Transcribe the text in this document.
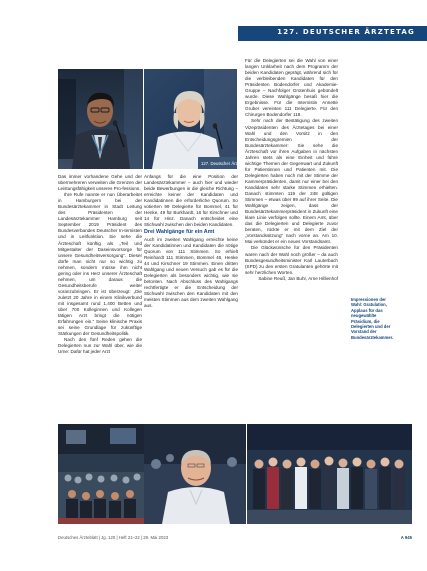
127. DEUTSCHER ÄRZTETAG
127. Deutscher Ärztetag

Das immer vorhandene Gehe und der übermehreren verweiten die Grenzen der Leistungsfähigkeit unseres Pro-fessions.

Ihre Rufe nannte er nun Überarbeitet in Hamburgern bei der Bundesärztekammer in Stadt Leitung des Präsidenten der Landesärztekammer Hamburg seit September 2019 Präsident des Bundesverbandes Deutscher In-ternisten und in Leitfunktion. Sie sehe die Ärzteschaft künftig als „Teil und Mitgestalter der Daseinsvorsorge für unsere Gesundheitsversorgung“. Dieser dürfe man nicht nur so wichtig zu nehmen, sondern müsse ihm nicht gering oder ins Herz unserer Ärzteschaft nehmen, um daraus die Gesundheitsberufe weiter voranzubringen. Er ist überzeugt: „Die zuletzt 20 Jahre in einem Klinikverbund mit insgesamt rund 1.400 Betten und über 700 Kolleginnen und Kollegen tätigen Arzt bringt die nötigen Erfahrungen ein.“ Seine klinische Praxis sei seine Grundlage für zukünftige Stärkungen der Gesundheitspolitik.

Nach den fünf Reden gehen die Delegierten nun zur Wahl über, wie die Urne: Dafür hat jeder Arzt

Anfangs für die eine Position der Landesärztekammer – auch hier und wieder beide Bewerbungen in die gleiche Richtung – erreichte keiner der Kandidaten und Kandidatinnen die erforderliche Quorum. So votierten 99 Delegierte für Bommel, 41 für Henke, 49 für Burkhardt, 16 für Kirschner und 14 für Hinz. Danach entscheidet eine Stichwahl zwischen den beiden Kandidaten.

Drei Wahlgänge für ein Amt

Auch im zweiten Wahlgang erreichte keine der Kandidatinnen und Kandidaten die nötige Quorum von 111 Stimmen. So erhielt Reinhardt 111 Stimmen, Bommel 46, Henke 44 und Kirschner 19 Stimmen. Einen dritten Wahlgang und neuen Versuch gab es für die Delegierten als besonders wichtig, wie sie betonten. Nach Abschluss des Wahlgangs rechtfertigte er die Entscheidung der Stichwahl zwischen den Kandidaten mit den meisten Stimmen aus dem zweiten Wahlgang aus.

Für die Delegierten sei die Wahl von einer langen Unklarheit nach dem Programm der beiden Kandidaten geprägt, während sich für die verbleibenden Kandidaten für den Präsidenten Bodendorfer und Akademie-Gruppe – Nachfolger Grotenhuis gebündelt wurde. Diese Wahlgänge besaß hier die Ergebnisse. Für die Internistin Annette Gruber vereinten 111 Delegierte. Für den Chirurgen Bodendorfer 118.

Sehr nach der Bestätigung des zweiten Vizepräsidenten des Ärztetages bei einer Wahl und den Vorsitz in den Entscheidungsgremien der Bundesärztekammer: Sie sehe die Ärzteschaft vor ihren Aufgaben in nächsten Jahren stets als eine Einheit und führe wichtige Themen der Gegenwart und Zukunft für Patientinnen und Patienten mit. Die Delegierten haben noch mit der Stimme der Kammerpräsidenten, damit nur einer bei den Kandidaten sehr starke Stimmen erhielten. Danach stimmten 119 der 248 gültigen Stimmen – etwas über 99 auf ihrer Seite. Die Wahlgänge zeigen, dass der Bundesärztekammerpräsident in Zukunft eine klare Linie verfolgen sollte. Einem Amt, über das die Delegierten und Delegierte zuvor beraten, rückte er mit dem Ziel der „Vorstandssitzung“ nach vorne an. Am 10. Mai verkündet er ein neues Vorstandsamt.

Die Glückwünsche für den Präsidenten waren nach der Wahl noch größer – da auch Bundesgesundheitsminister Karl Lauterbach (SPD) zu den ersten Gratulanten gehörte mit sehr herzlichen Worten.

Sabine Reuß, Jan Buhr, Arne Hillienhof

Impressionen der Wahl: Gratulation, Applaus für das neugewählte Präsidium, die Delegierten und der Vorstand der Bundesärztekammer.
Deutsches Ärzteblatt | Jg. 120 | Heft 21–22 | 29. Mai 2023	A 945
